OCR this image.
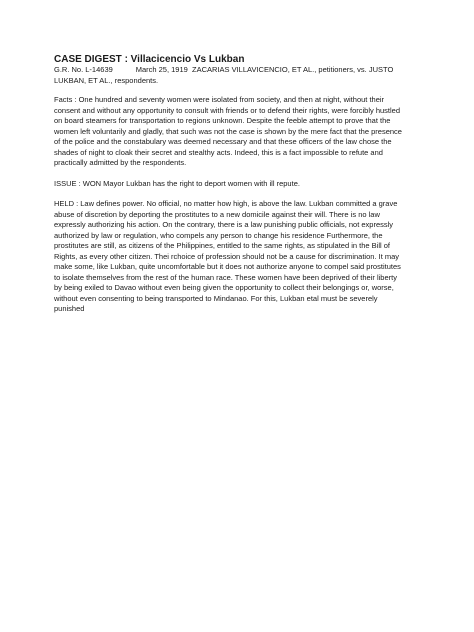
CASE DIGEST : Villacicencio Vs Lukban
G.R. No. L-14639           March 25, 1919  ZACARIAS VILLAVICENCIO, ET AL., petitioners, vs. JUSTO
LUKBAN, ET AL., respondents.
Facts : One hundred and seventy women were isolated from society, and then at night, without their
consent and without any opportunity to consult with friends or to defend their rights, were forcibly hustled
on board steamers for transportation to regions unknown. Despite the feeble attempt to prove that the
women left voluntarily and gladly, that such was not the case is shown by the mere fact that the presence
of the police and the constabulary was deemed necessary and that these officers of the law chose the
shades of night to cloak their secret and stealthy acts. Indeed, this is a fact impossible to refute and
practically admitted by the respondents.
ISSUE : WON Mayor Lukban has the right to deport women with ill repute.
HELD : Law defines power. No official, no matter how high, is above the law. Lukban committed a grave
abuse of discretion by deporting the prostitutes to a new domicile against their will. There is no law
expressly authorizing his action. On the contrary, there is a law punishing public officials, not expressly
authorized by law or regulation, who compels any person to change his residence Furthermore, the
prostitutes are still, as citizens of the Philippines, entitled to the same rights, as stipulated in the Bill of
Rights, as every other citizen. Thei rchoice of profession should not be a cause for discrimination. It may
make some, like Lukban, quite uncomfortable but it does not authorize anyone to compel said prostitutes
to isolate themselves from the rest of the human race. These women have been deprived of their liberty
by being exiled to Davao without even being given the opportunity to collect their belongings or, worse,
without even consenting to being transported to Mindanao. For this, Lukban etal must be severely
punished
